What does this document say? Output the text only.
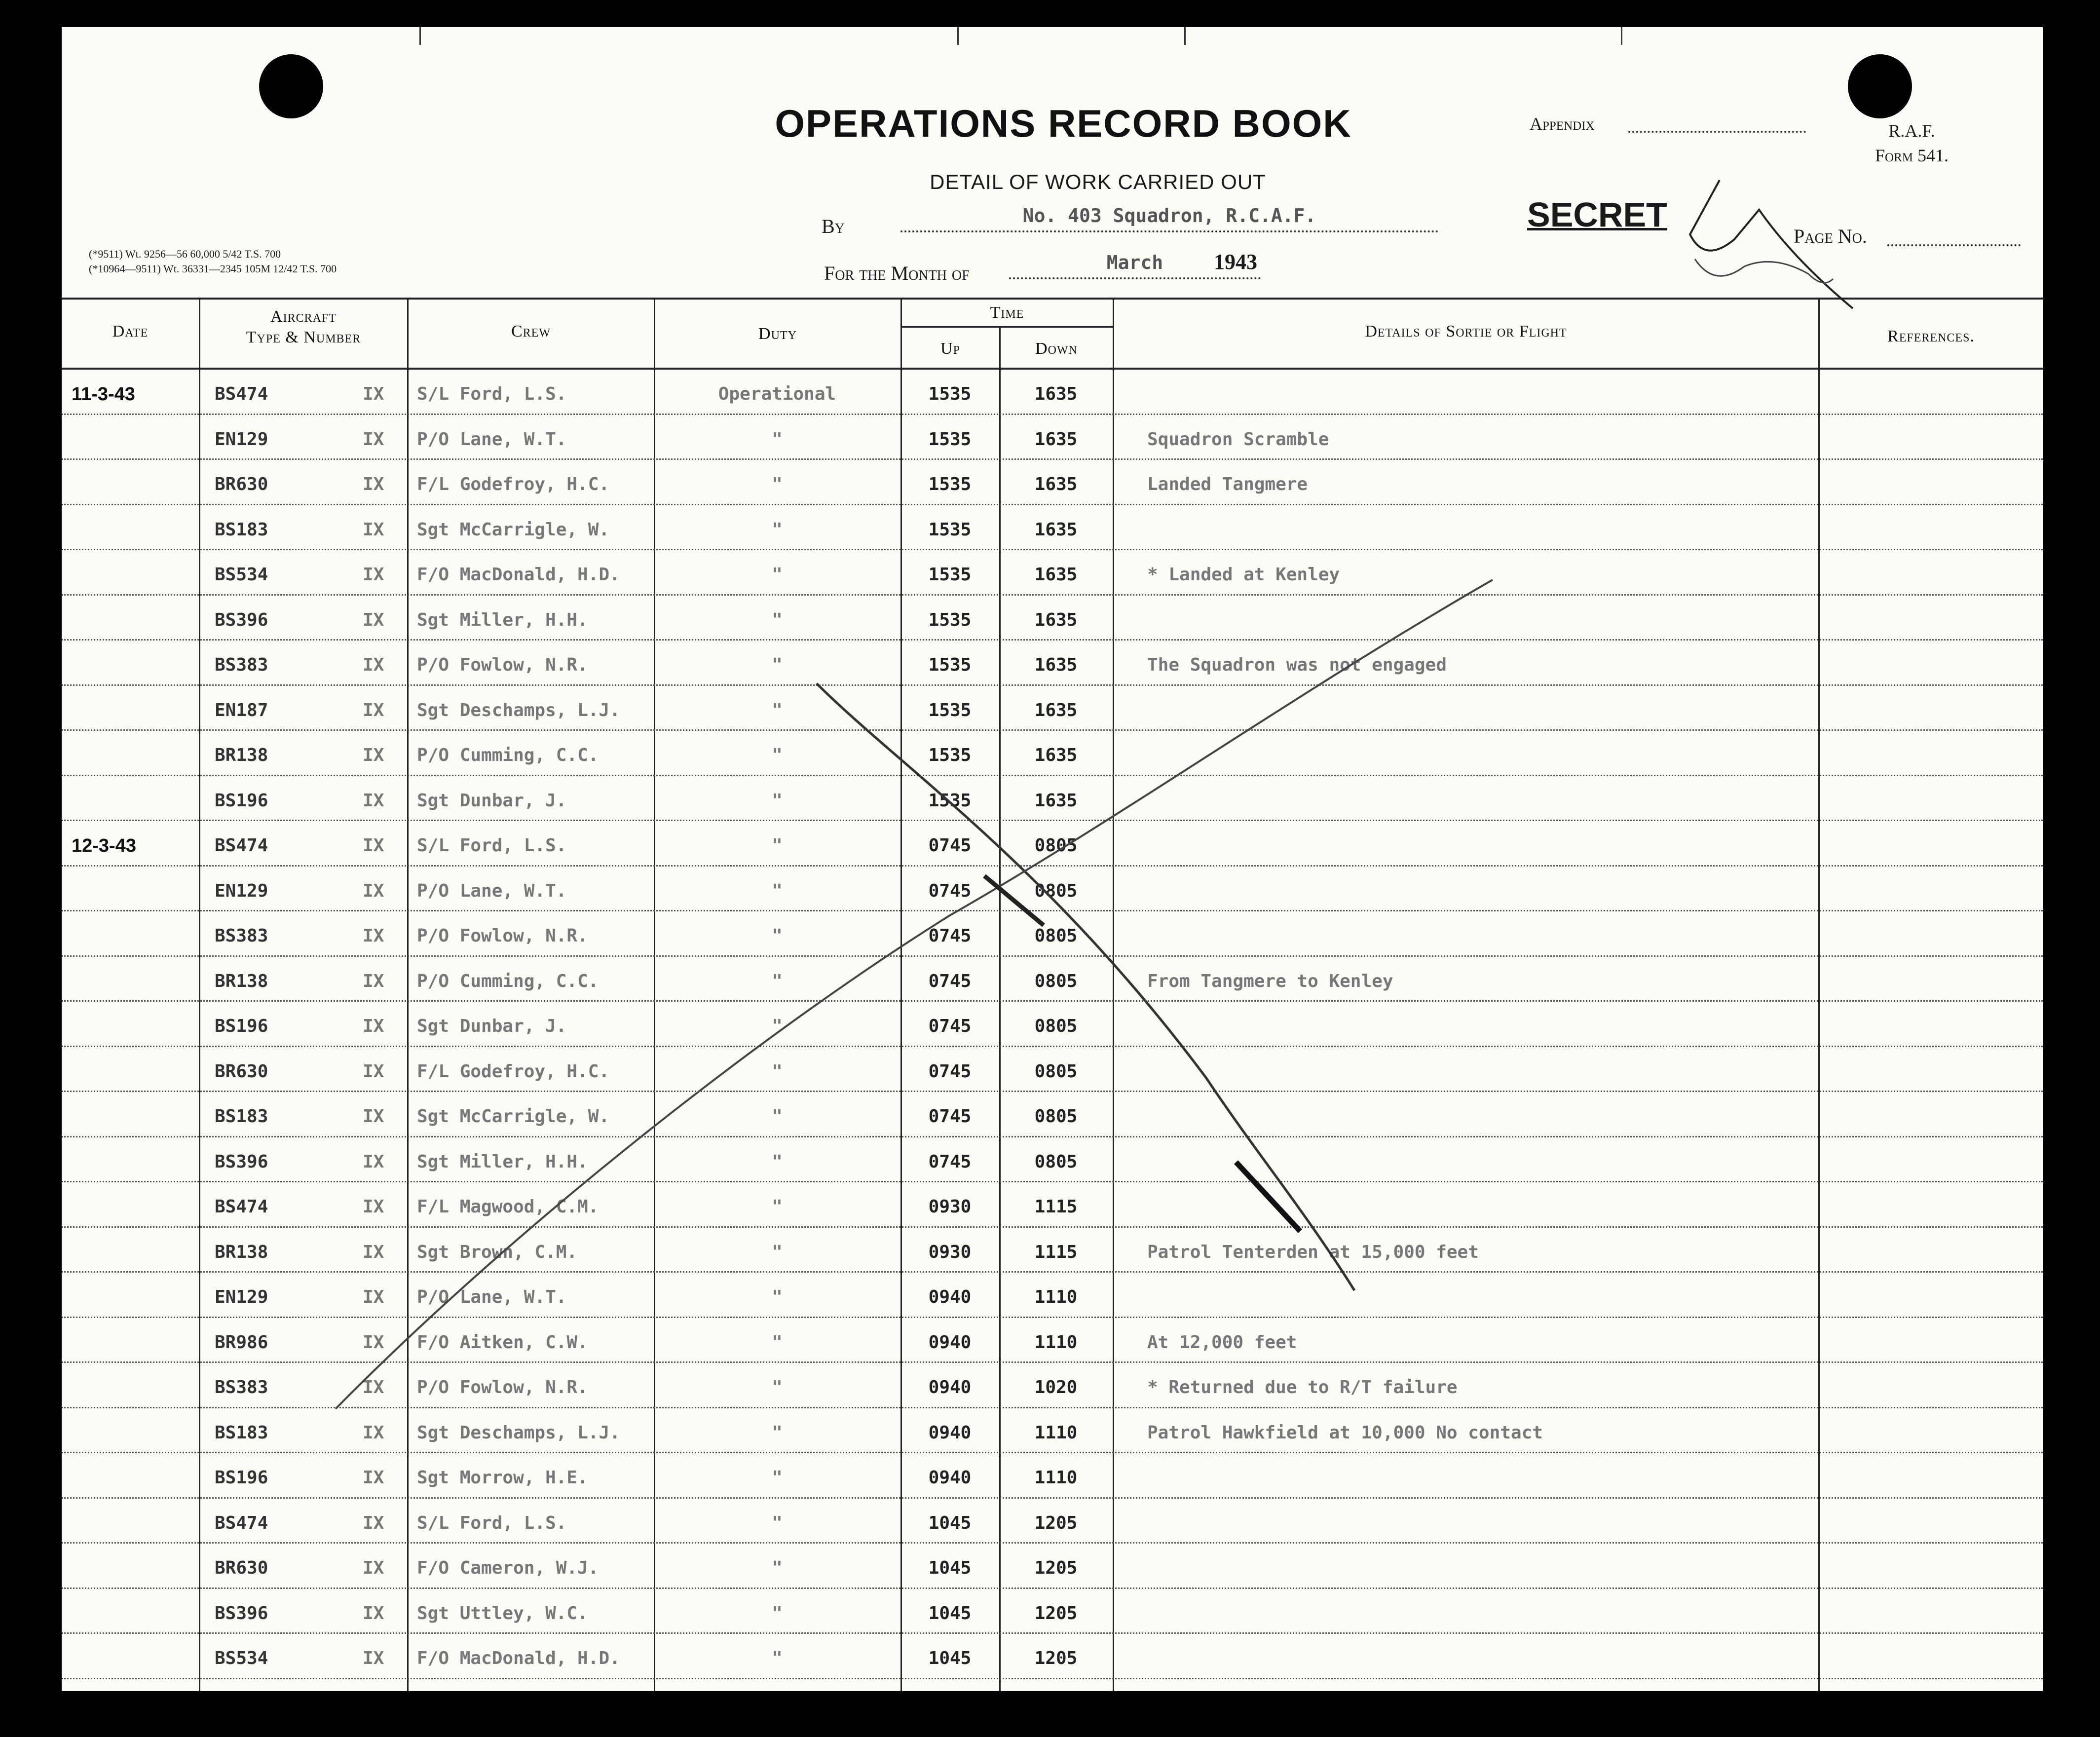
OPERATIONS RECORD BOOK
DETAIL OF WORK CARRIED OUT
(*9511) Wt. 9256—56 60,000 5/42 T.S. 700
(*10964—9511) Wt. 36331—2345 105M 12/42 T.S. 700
By	No. 403 Squadron, R.C.A.F.
For the Month of	March	1943
Appendix	R.A.F.
Form 541.
SECRET
Page No.
Date
Aircraft
Type & Number	Crew	Duty
Time
Up	Down
Details of Sortie or Flight	References.
11-3-43	BS474	IX	S/L Ford, L.S.	Operational	1535	1635
EN129	IX	P/O Lane, W.T.	"	1535	1635	Squadron Scramble
BR630	IX	F/L Godefroy, H.C.	"	1535	1635	Landed Tangmere
BS183	IX	Sgt McCarrigle, W.	"	1535	1635
BS534	IX	F/O MacDonald, H.D.	"	1535	1635	* Landed at Kenley
BS396	IX	Sgt Miller, H.H.	"	1535	1635
BS383	IX	P/O Fowlow, N.R.	"	1535	1635	The Squadron was not engaged
EN187	IX	Sgt Deschamps, L.J.	"	1535	1635
BR138	IX	P/O Cumming, C.C.	"	1535	1635
BS196	IX	Sgt Dunbar, J.	"	1535	1635
12-3-43	BS474	IX	S/L Ford, L.S.	"	0745	0805
EN129	IX	P/O Lane, W.T.	"	0745	0805
BS383	IX	P/O Fowlow, N.R.	"	0745	0805
BR138	IX	P/O Cumming, C.C.	"	0745	0805	From Tangmere to Kenley
BS196	IX	Sgt Dunbar, J.	"	0745	0805
BR630	IX	F/L Godefroy, H.C.	"	0745	0805
BS183	IX	Sgt McCarrigle, W.	"	0745	0805
BS396	IX	Sgt Miller, H.H.	"	0745	0805
BS474	IX	F/L Magwood, C.M.	"	0930	1115
BR138	IX	Sgt Brown, C.M.	"	0930	1115	Patrol Tenterden at 15,000 feet
EN129	IX	P/O Lane, W.T.	"	0940	1110
BR986	IX	F/O Aitken, C.W.	"	0940	1110	At 12,000 feet
BS383	IX	P/O Fowlow, N.R.	"	0940	1020	* Returned due to R/T failure
BS183	IX	Sgt Deschamps, L.J.	"	0940	1110	Patrol Hawkfield at 10,000 No contact
BS196	IX	Sgt Morrow, H.E.	"	0940	1110
BS474	IX	S/L Ford, L.S.	"	1045	1205
BR630	IX	F/O Cameron, W.J.	"	1045	1205
BS396	IX	Sgt Uttley, W.C.	"	1045	1205
BS534	IX	F/O MacDonald, H.D.	"	1045	1205
